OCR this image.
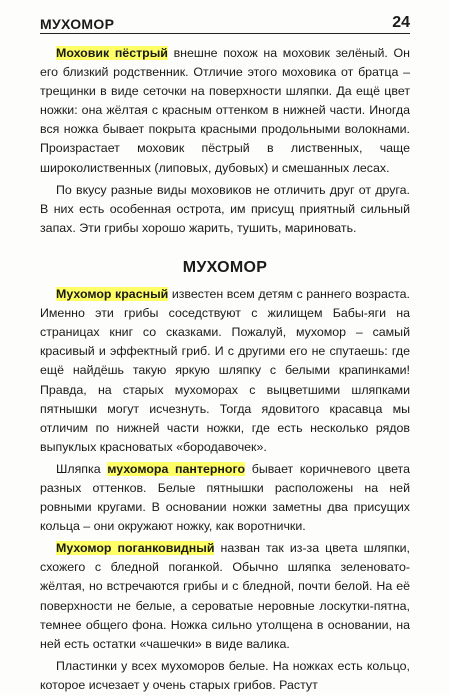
МУХОМОР	24

Моховик пёстрый внешне похож на моховик зелёный. Он его близкий родственник. Отличие этого моховика от братца – трещинки в виде сеточки на поверхности шляпки. Да ещё цвет ножки: она жёлтая с красным оттенком в нижней части. Иногда вся ножка бывает покрыта красными продольными волокнами. Произрастает моховик пёстрый в лиственных, чаще широколиственных (липовых, дубовых) и смешанных лесах.

По вкусу разные виды моховиков не отличить друг от друга. В них есть особенная острота, им присущ приятный сильный запах. Эти грибы хорошо жарить, тушить, мариновать.

МУХОМОР

Мухомор красный известен всем детям с раннего возраста. Именно эти грибы соседствуют с жилищем Бабы-яги на страницах книг со сказками. Пожалуй, мухомор – самый красивый и эффектный гриб. И с другими его не спутаешь: где ещё найдёшь такую яркую шляпку с белыми крапинками! Правда, на старых мухоморах с выцветшими шляпками пятнышки могут исчезнуть. Тогда ядовитого красавца мы отличим по нижней части ножки, где есть несколько рядов выпуклых красноватых «бородавочек».

Шляпка мухомора пантерного бывает коричневого цвета разных оттенков. Белые пятнышки расположены на ней ровными кругами. В основании ножки заметны два присущих кольца – они окружают ножку, как воротнички.

Мухомор поганковидный назван так из-за цвета шляпки, схожего с бледной поганкой. Обычно шляпка зеленовато-жёлтая, но встречаются грибы и с бледной, почти белой. На её поверхности не белые, а сероватые неровные лоскутки-пятна, темнее общего фона. Ножка сильно утолщена в основании, на ней есть остатки «чашечки» в виде валика.

Пластинки у всех мухоморов белые. На ножках есть кольцо, которое исчезает у очень старых грибов. Растут
